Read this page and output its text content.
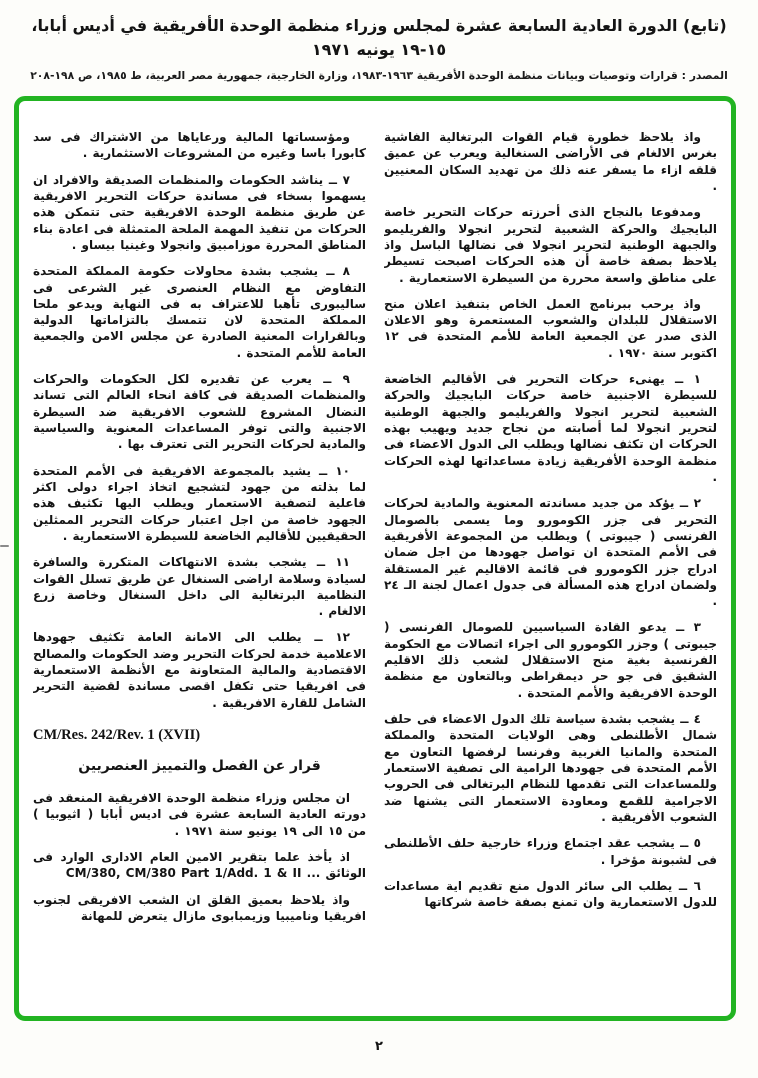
(تابع) الدورة العادية السابعة عشرة لمجلس وزراء منظمة الوحدة الأفريقية في أديس أبابا، ١٥-١٩ يونيه ١٩٧١
المصدر : قرارات وتوصيات وبيانات منظمة الوحدة الأفريقية ١٩٦٣-١٩٨٣، وزارة الخارجية، جمهورية مصر العربية، ط ١٩٨٥، ص ١٩٨-٢٠٨

واذ يلاحظ خطورة قيام القوات البرتغالية الفاشية بغرس الالغام فى الأراضى السنغالية ويعرب عن عميق قلقه ازاء ما يسفر عنه ذلك من تهديد السكان المعنيين .

ومدفوعا بالنجاح الذى أحرزته حركات التحرير خاصة البايجيك والحركة الشعبية لتحرير انجولا والفريليمو والجبهة الوطنية لتحرير انجولا فى نضالها الباسل واذ يلاحظ بصفة خاصة أن هذه الحركات اصبحت تسيطر على مناطق واسعة محررة من السيطرة الاستعمارية .

واذ يرحب ببرنامج العمل الخاص بتنفيذ اعلان منح الاستقلال للبلدان والشعوب المستعمرة وهو الاعلان الذى صدر عن الجمعية العامة للأمم المتحدة فى ١٢ اكتوبر سنة ١٩٧٠ .

١ ــ يهنىء حركات التحرير فى الأقاليم الخاضعة للسيطرة الاجنبية خاصة حركات البايجيك والحركة الشعبية لتحرير انجولا والفريليمو والجبهة الوطنية لتحرير انجولا لما أصابته من نجاح جديد ويهيب بهذه الحركات ان تكثف نضالها ويطلب الى الدول الاعضاء فى منظمة الوحدة الأفريقية زيادة مساعداتها لهذه الحركات .

٢ ــ يؤكد من جديد مساندته المعنوية والمادية لحركات التحرير فى جزر الكومورو وما يسمى بالصومال الفرنسى ( جيبوتى ) ويطلب من المجموعة الأفريقية فى الأمم المتحدة ان تواصل جهودها من اجل ضمان ادراج جزر الكومورو فى قائمة الاقاليم غير المستقلة ولضمان ادراج هذه المسألة فى جدول اعمال لجنة الـ ٢٤ .

٣ ــ يدعو القادة السياسيين للصومال الفرنسى ( جيبوتى ) وجزر الكومورو الى اجراء اتصالات مع الحكومة الفرنسية بغية منح الاستقلال لشعب ذلك الاقليم الشقيق فى جو حر ديمقراطى وبالتعاون مع منظمة الوحدة الافريقية والأمم المتحدة .

٤ ــ يشجب بشدة سياسة تلك الدول الاعضاء فى حلف شمال الأطلنطى وهى الولايات المتحدة والمملكة المتحدة والمانيا الغربية وفرنسا لرفضها التعاون مع الأمم المتحدة فى جهودها الرامية الى تصفية الاستعمار وللمساعدات التى تقدمها للنظام البرتغالى فى الحروب الاجرامية للقمع ومعاودة الاستعمار التى يشنها ضد الشعوب الأفريقية .

٥ ــ يشجب عقد اجتماع وزراء خارجية حلف الأطلنطى فى لشبونة مؤخرا .

٦ ــ يطلب الى سائر الدول منع تقديم اية مساعدات للدول الاستعمارية وان تمنع بصفة خاصة شركاتها

ومؤسساتها المالية ورعاياها من الاشتراك فى سد كابورا باسا وغيره من المشروعات الاستثمارية .

٧ ــ يناشد الحكومات والمنظمات الصديقة والافراد ان يسهموا بسخاء فى مساندة حركات التحرير الافريقية عن طريق منظمة الوحدة الافريقية حتى تتمكن هذه الحركات من تنفيذ المهمة الملحة المتمثلة فى اعادة بناء المناطق المحررة موزامبيق وانجولا وغينيا بيساو .

٨ ــ يشجب بشدة محاولات حكومة المملكة المتحدة التفاوض مع النظام العنصرى غير الشرعى فى ساليبورى تأهبا للاعتراف به فى النهاية ويدعو ملحا المملكة المتحدة لان تتمسك بالتزاماتها الدولية وبالقرارات المعنية الصادرة عن مجلس الامن والجمعية العامة للأمم المتحدة .

٩ ــ يعرب عن تقديره لكل الحكومات والحركات والمنظمات الصديقة فى كافة انحاء العالم التى تساند النضال المشروع للشعوب الافريقية ضد السيطرة الاجنبية والتى توفر المساعدات المعنوية والسياسية والمادية لحركات التحرير التى تعترف بها .

١٠ ــ يشيد بالمجموعة الافريقية فى الأمم المتحدة لما بذلته من جهود لتشجيع اتخاذ اجراء دولى اكثر فاعلية لتصفية الاستعمار ويطلب اليها تكثيف هذه الجهود خاصة من اجل اعتبار حركات التحرير الممثلين الحقيقيين للأقاليم الخاضعة للسيطرة الاستعمارية .

١١ ــ يشجب بشدة الانتهاكات المتكررة والسافرة لسيادة وسلامة اراضى السنغال عن طريق تسلل القوات النظامية البرتغالية الى داخل السنغال وخاصة زرع الالغام .

١٢ ــ يطلب الى الامانة العامة تكثيف جهودها الاعلامية خدمة لحركات التحرير وضد الحكومات والمصالح الاقتصادية والمالية المتعاونة مع الأنظمة الاستعمارية فى افريقيا حتى تكفل اقصى مساندة لقضية التحرير الشامل للقارة الافريقية .

CM/Res. 242/Rev. 1 (XVII)
قرار عن الفصل والتمييز العنصريين

ان مجلس وزراء منظمة الوحدة الافريقية المنعقد فى دورته العادية السابعة عشرة فى اديس أبابا ( اثيوبيا ) من ١٥ الى ١٩ يونيو سنة ١٩٧١ .

اذ يأخذ علما بتقرير الامين العام الادارى الوارد فى الوثائق ... CM/380, CM/380 Part 1/Add. 1 & II

واذ يلاحظ بعميق القلق ان الشعب الافريقى لجنوب افريقيا وناميبيا وزيمبابوى مازال يتعرض للمهانة

٢
